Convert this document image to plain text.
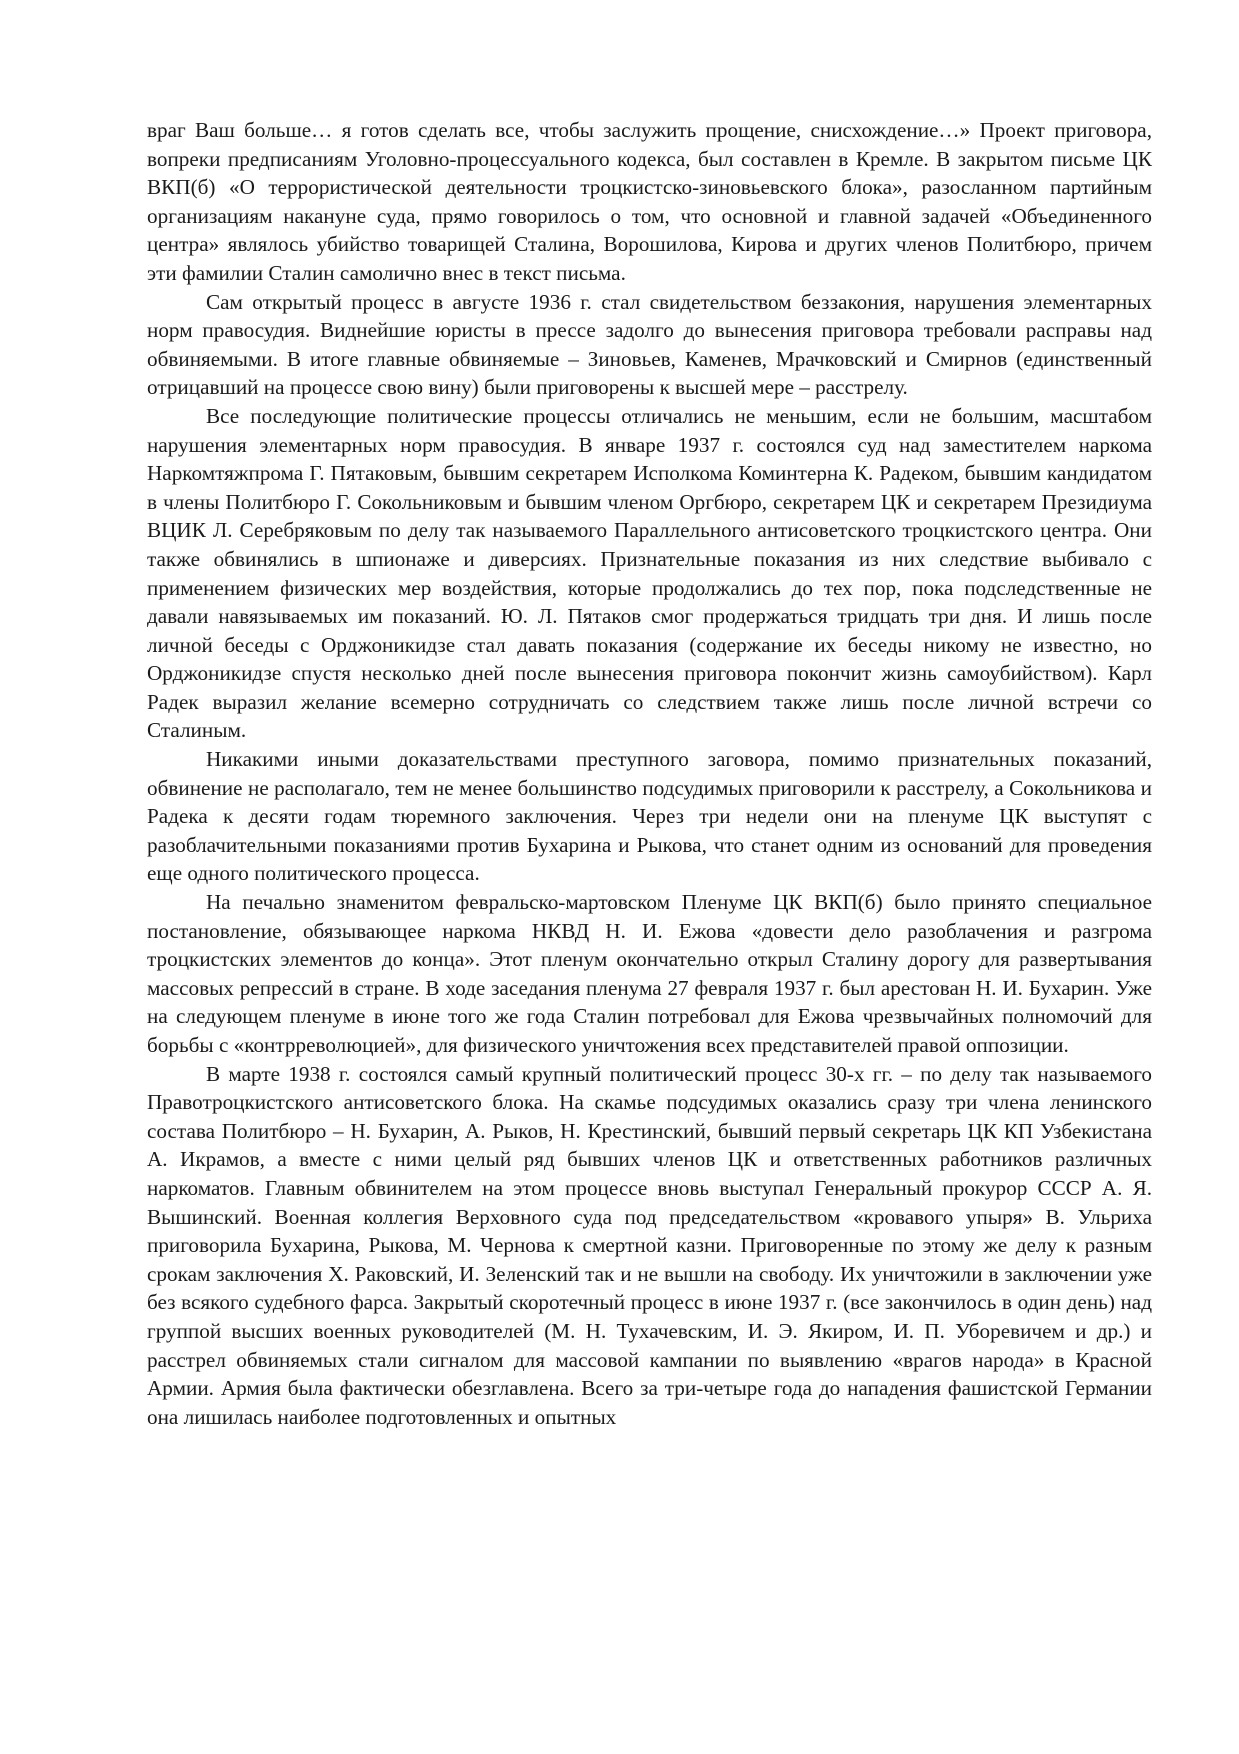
враг Ваш больше… я готов сделать все, чтобы заслужить прощение, снисхождение…» Проект приговора, вопреки предписаниям Уголовно-процессуального кодекса, был составлен в Кремле. В закрытом письме ЦК ВКП(б) «О террористической деятельности троцкистско-зиновьевского блока», разосланном партийным организациям накануне суда, прямо говорилось о том, что основной и главной задачей «Объединенного центра» являлось убийство товарищей Сталина, Ворошилова, Кирова и других членов Политбюро, причем эти фамилии Сталин самолично внес в текст письма.

Сам открытый процесс в августе 1936 г. стал свидетельством беззакония, нарушения элементарных норм правосудия. Виднейшие юристы в прессе задолго до вынесения приговора требовали расправы над обвиняемыми. В итоге главные обвиняемые – Зиновьев, Каменев, Мрачковский и Смирнов (единственный отрицавший на процессе свою вину) были приговорены к высшей мере – расстрелу.

Все последующие политические процессы отличались не меньшим, если не большим, масштабом нарушения элементарных норм правосудия. В январе 1937 г. состоялся суд над заместителем наркома Наркомтяжпрома Г. Пятаковым, бывшим секретарем Исполкома Коминтерна К. Радеком, бывшим кандидатом в члены Политбюро Г. Сокольниковым и бывшим членом Оргбюро, секретарем ЦК и секретарем Президиума ВЦИК Л. Серебряковым по делу так называемого Параллельного антисоветского троцкистского центра. Они также обвинялись в шпионаже и диверсиях. Признательные показания из них следствие выбивало с применением физических мер воздействия, которые продолжались до тех пор, пока подследственные не давали навязываемых им показаний. Ю. Л. Пятаков смог продержаться тридцать три дня. И лишь после личной беседы с Орджоникидзе стал давать показания (содержание их беседы никому не известно, но Орджоникидзе спустя несколько дней после вынесения приговора покончит жизнь самоубийством). Карл Радек выразил желание всемерно сотрудничать со следствием также лишь после личной встречи со Сталиным.

Никакими иными доказательствами преступного заговора, помимо признательных показаний, обвинение не располагало, тем не менее большинство подсудимых приговорили к расстрелу, а Сокольникова и Радека к десяти годам тюремного заключения. Через три недели они на пленуме ЦК выступят с разоблачительными показаниями против Бухарина и Рыкова, что станет одним из оснований для проведения еще одного политического процесса.

На печально знаменитом февральско-мартовском Пленуме ЦК ВКП(б) было принято специальное постановление, обязывающее наркома НКВД Н. И. Ежова «довести дело разоблачения и разгрома троцкистских элементов до конца». Этот пленум окончательно открыл Сталину дорогу для развертывания массовых репрессий в стране. В ходе заседания пленума 27 февраля 1937 г. был арестован Н. И. Бухарин. Уже на следующем пленуме в июне того же года Сталин потребовал для Ежова чрезвычайных полномочий для борьбы с «контрреволюцией», для физического уничтожения всех представителей правой оппозиции.

В марте 1938 г. состоялся самый крупный политический процесс 30-х гг. – по делу так называемого Правотроцкистского антисоветского блока. На скамье подсудимых оказались сразу три члена ленинского состава Политбюро – Н. Бухарин, А. Рыков, Н. Крестинский, бывший первый секретарь ЦК КП Узбекистана А. Икрамов, а вместе с ними целый ряд бывших членов ЦК и ответственных работников различных наркоматов. Главным обвинителем на этом процессе вновь выступал Генеральный прокурор СССР А. Я. Вышинский. Военная коллегия Верховного суда под председательством «кровавого упыря» В. Ульриха приговорила Бухарина, Рыкова, М. Чернова к смертной казни. Приговоренные по этому же делу к разным срокам заключения Х. Раковский, И. Зеленский так и не вышли на свободу. Их уничтожили в заключении уже без всякого судебного фарса. Закрытый скоротечный процесс в июне 1937 г. (все закончилось в один день) над группой высших военных руководителей (М. Н. Тухачевским, И. Э. Якиром, И. П. Уборевичем и др.) и расстрел обвиняемых стали сигналом для массовой кампании по выявлению «врагов народа» в Красной Армии. Армия была фактически обезглавлена. Всего за три-четыре года до нападения фашистской Германии она лишилась наиболее подготовленных и опытных
